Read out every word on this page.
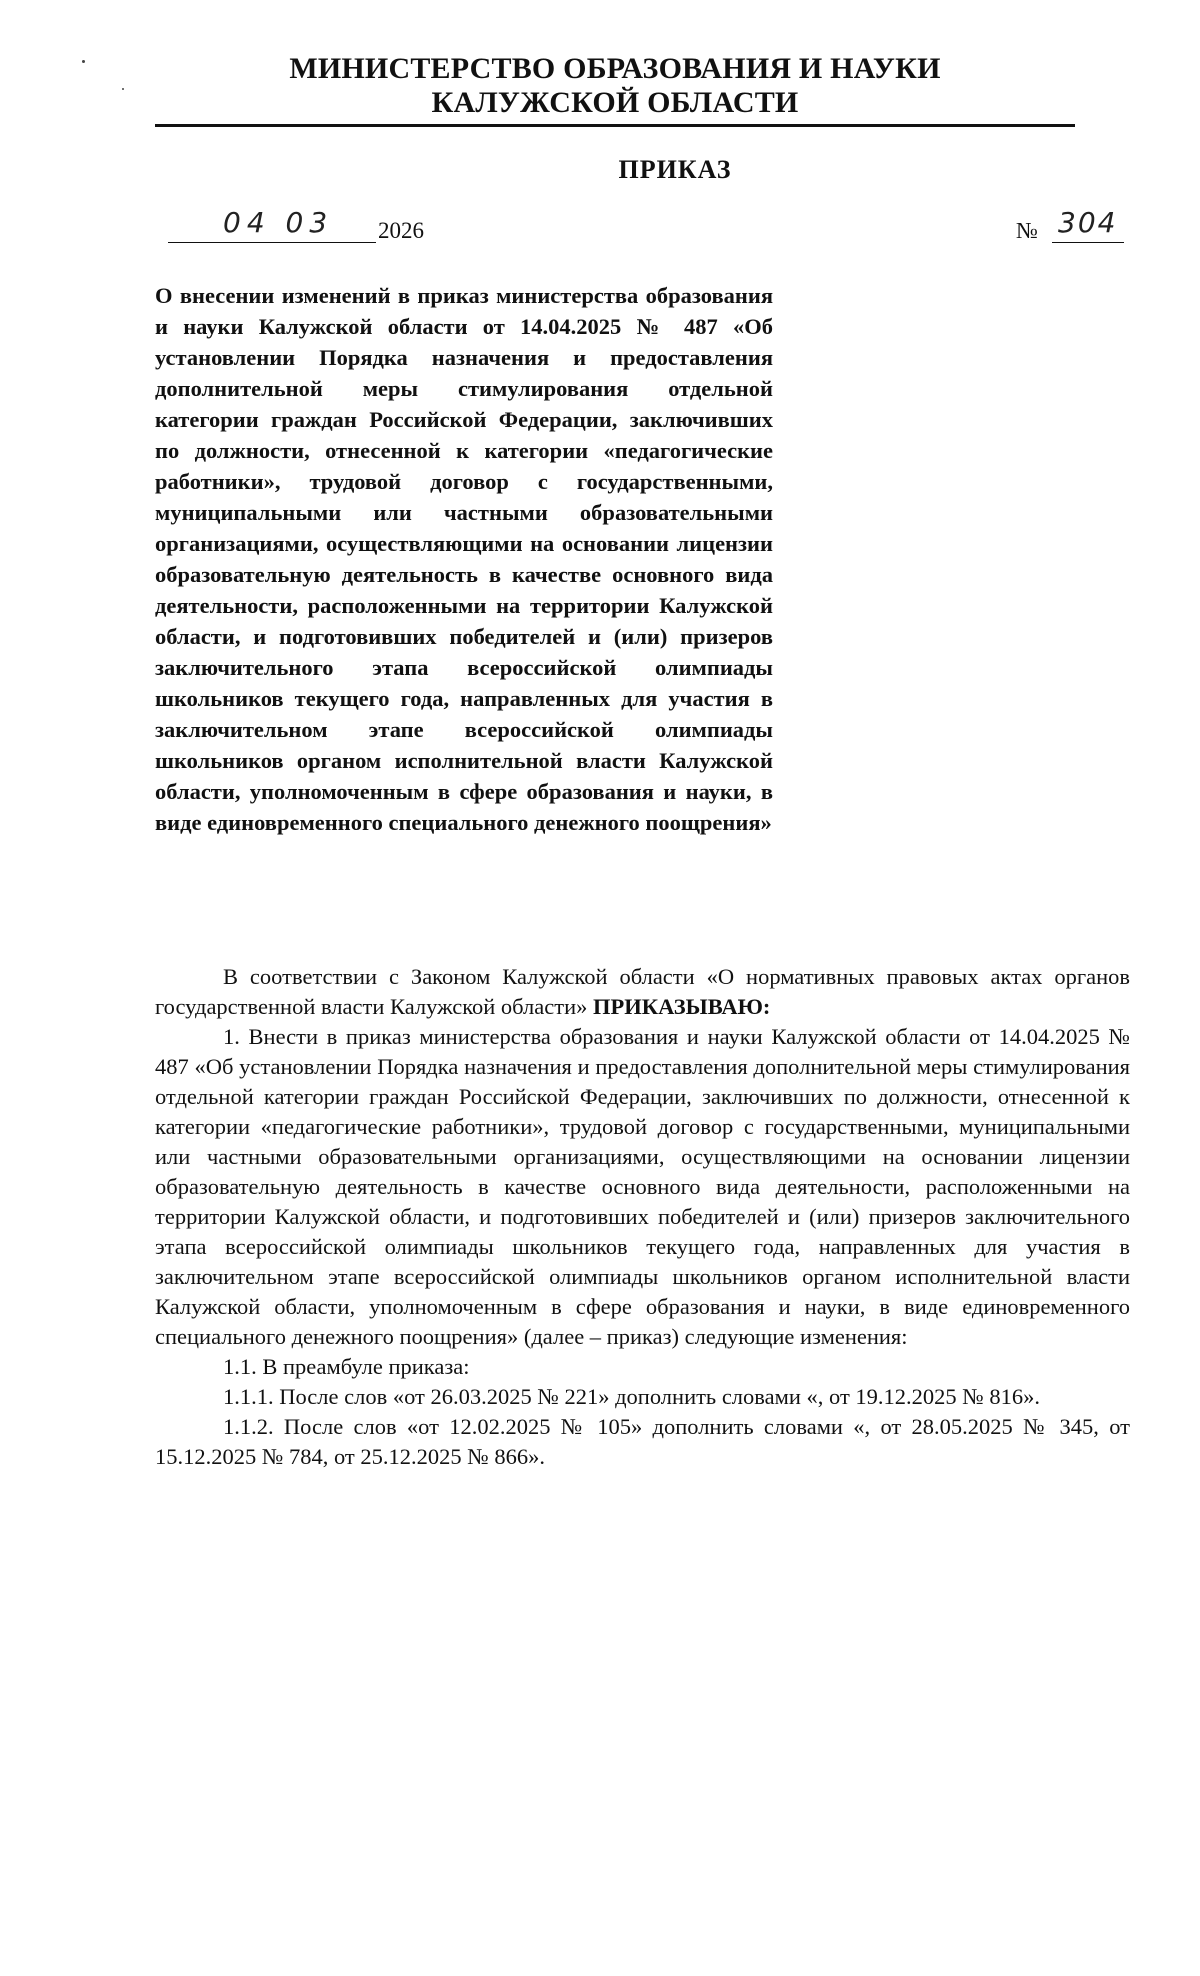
МИНИСТЕРСТВО ОБРАЗОВАНИЯ И НАУКИ
КАЛУЖСКОЙ ОБЛАСТИ
ПРИКАЗ
04 03 2026	№ 304
О внесении изменений в приказ министерства образования и науки Калужской области от 14.04.2025 № 487 «Об установлении Порядка назначения и предоставления дополнительной меры стимулирования отдельной категории граждан Российской Федерации, заключивших по должности, отнесенной к категории «педагогические работники», трудовой договор с государственными, муниципальными или частными образовательными организациями, осуществляющими на основании лицензии образовательную деятельность в качестве основного вида деятельности, расположенными на территории Калужской области, и подготовивших победителей и (или) призеров заключительного этапа всероссийской олимпиады школьников текущего года, направленных для участия в заключительном этапе всероссийской олимпиады школьников органом исполнительной власти Калужской области, уполномоченным в сфере образования и науки, в виде единовременного специального денежного поощрения»

В соответствии с Законом Калужской области «О нормативных правовых актах органов государственной власти Калужской области» ПРИКАЗЫВАЮ:

1. Внести в приказ министерства образования и науки Калужской области от 14.04.2025 № 487 «Об установлении Порядка назначения и предоставления дополнительной меры стимулирования отдельной категории граждан Российской Федерации, заключивших по должности, отнесенной к категории «педагогические работники», трудовой договор с государственными, муниципальными или частными образовательными организациями, осуществляющими на основании лицензии образовательную деятельность в качестве основного вида деятельности, расположенными на территории Калужской области, и подготовивших победителей и (или) призеров заключительного этапа всероссийской олимпиады школьников текущего года, направленных для участия в заключительном этапе всероссийской олимпиады школьников органом исполнительной власти Калужской области, уполномоченным в сфере образования и науки, в виде единовременного специального денежного поощрения» (далее – приказ) следующие изменения:

1.1. В преамбуле приказа:

1.1.1. После слов «от 26.03.2025 № 221» дополнить словами «, от 19.12.2025 № 816».

1.1.2. После слов «от 12.02.2025 № 105» дополнить словами «, от 28.05.2025 № 345, от 15.12.2025 № 784, от 25.12.2025 № 866».
